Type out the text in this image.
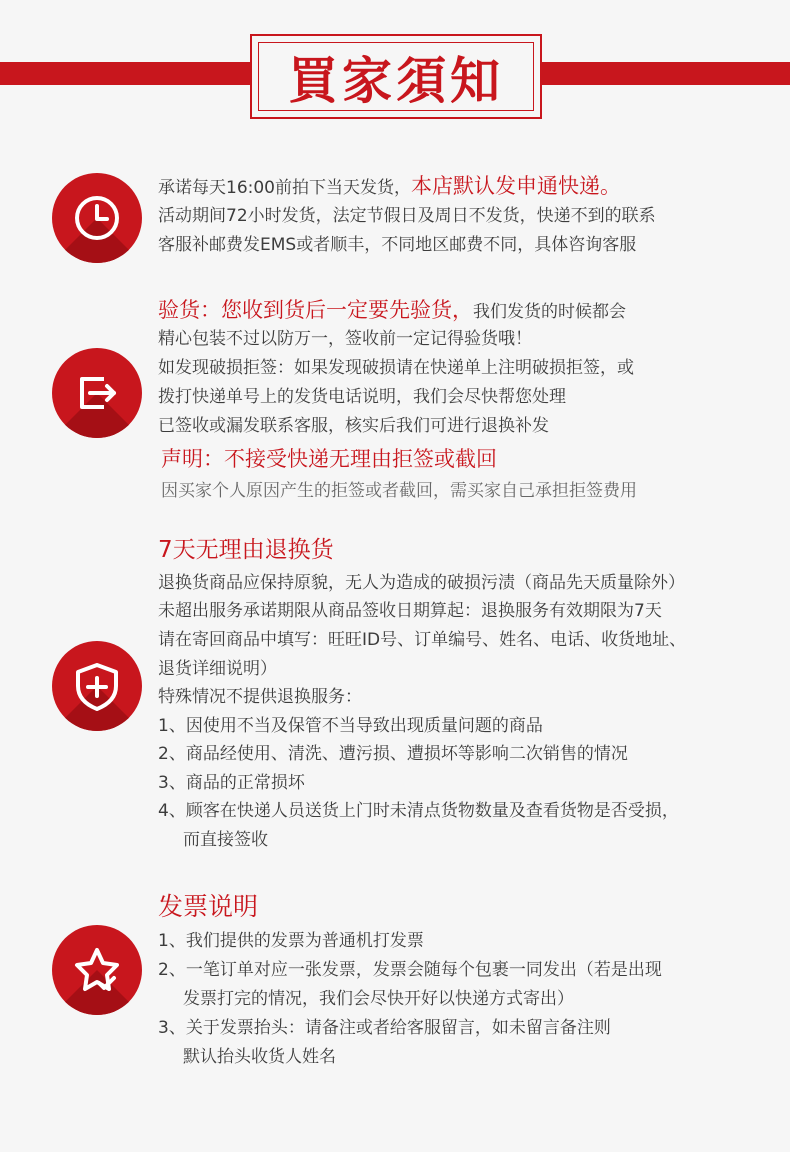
買家須知
承诺每天16:00前拍下当天发货，本店默认发申通快递。
活动期间72小时发货，法定节假日及周日不发货，快递不到的联系
客服补邮费发EMS或者顺丰，不同地区邮费不同，具体咨询客服
验货：您收到货后一定要先验货，我们发货的时候都会
精心包装不过以防万一，签收前一定记得验货哦！
如发现破损拒签：如果发现破损请在快递单上注明破损拒签，或
拨打快递单号上的发货电话说明，我们会尽快帮您处理
已签收或漏发联系客服，核实后我们可进行退换补发
声明：不接受快递无理由拒签或截回
因买家个人原因产生的拒签或者截回，需买家自己承担拒签费用
7天无理由退换货
退换货商品应保持原貌，无人为造成的破损污渍（商品先天质量除外）
未超出服务承诺期限从商品签收日期算起：退换服务有效期限为7天
请在寄回商品中填写：旺旺ID号、订单编号、姓名、电话、收货地址、
退货详细说明）
特殊情况不提供退换服务：
1、因使用不当及保管不当导致出现质量问题的商品
2、商品经使用、清洗、遭污损、遭损坏等影响二次销售的情况
3、商品的正常损坏
4、顾客在快递人员送货上门时未清点货物数量及查看货物是否受损，
而直接签收
发票说明
1、我们提供的发票为普通机打发票
2、一笔订单对应一张发票，发票会随每个包裹一同发出（若是出现
发票打完的情况，我们会尽快开好以快递方式寄出）
3、关于发票抬头：请备注或者给客服留言，如未留言备注则
默认抬头收货人姓名
